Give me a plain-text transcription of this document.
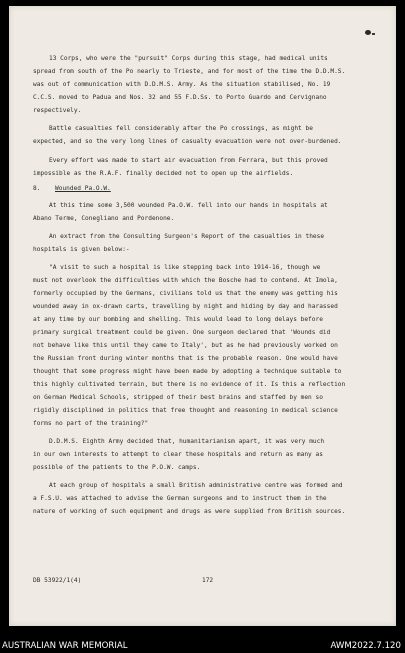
13 Corps, who were the "pursuit" Corps during this stage, had medical units
spread from south of the Po nearly to Trieste, and for most of the time the D.D.M.S.
was out of communication with D.D.M.S. Army. As the situation stabilised, No. 19
C.C.S. moved to Padua and Nos. 32 and 55 F.D.Ss. to Porto Guardo and Cervignano
respectively.
Battle casualties fell considerably after the Po crossings, as might be
expected, and so the very long lines of casualty evacuation were not over-burdened.
Every effort was made to start air evacuation from Ferrara, but this proved
impossible as the R.A.F. finally decided not to open up the airfields.
8. Wounded Pa.O.W.
At this time some 3,500 wounded Pa.O.W. fell into our hands in hospitals at
Abano Terme, Conegliano and Pordenone.
An extract from the Consulting Surgeon's Report of the casualties in these
hospitals is given below:-
"A visit to such a hospital is like stepping back into 1914-16, though we
must not overlook the difficulties with which the Bosche had to contend. At Imola,
formerly occupied by the Germans, civilians told us that the enemy was getting his
wounded away in ox-drawn carts, travelling by night and hiding by day and harassed
at any time by our bombing and shelling. This would lead to long delays before
primary surgical treatment could be given. One surgeon declared that 'Wounds did
not behave like this until they came to Italy', but as he had previously worked on
the Russian front during winter months that is the probable reason. One would have
thought that some progress might have been made by adopting a technique suitable to
this highly cultivated terrain, but there is no evidence of it. Is this a reflection
on German Medical Schools, stripped of their best brains and staffed by men so
rigidly disciplined in politics that free thought and reasoning in medical science
forms no part of the training?"
D.D.M.S. Eighth Army decided that, humanitarianism apart, it was very much
in our own interests to attempt to clear these hospitals and return as many as
possible of the patients to the P.O.W. camps.
At each group of hospitals a small British administrative centre was formed and
a F.S.U. was attached to advise the German surgeons and to instruct them in the
nature of working of such equipment and drugs as were supplied from British sources.
DB 53922/1(4)	172
AUSTRALIAN WAR MEMORIAL	AWM2022.7.120
